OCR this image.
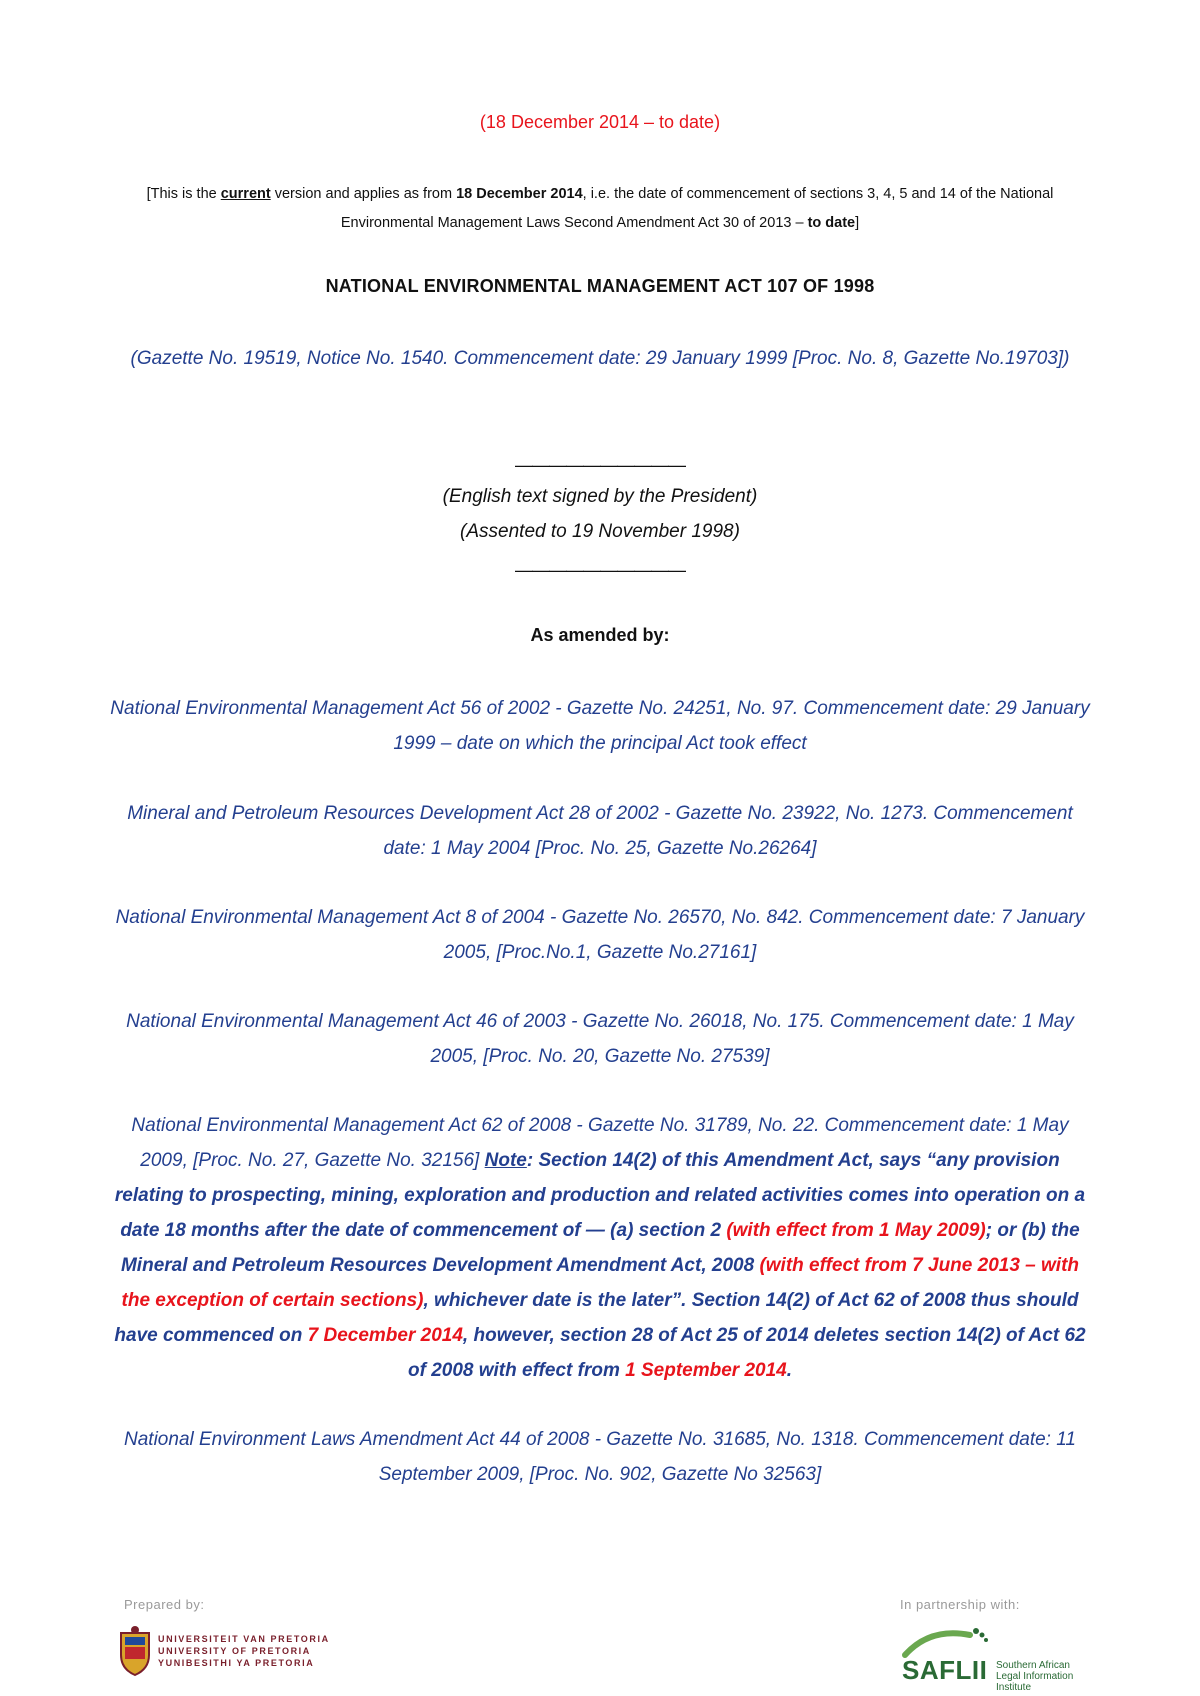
(18 December 2014 – to date)
[This is the current version and applies as from 18 December 2014, i.e. the date of commencement of sections 3, 4, 5 and 14 of the National Environmental Management Laws Second Amendment Act 30 of 2013 – to date]
NATIONAL ENVIRONMENTAL MANAGEMENT ACT 107 OF 1998
(Gazette No. 19519, Notice No. 1540. Commencement date: 29 January 1999 [Proc. No. 8, Gazette No.19703])
——————————
(English text signed by the President)
(Assented to 19 November 1998)
——————————
As amended by:
National Environmental Management Act 56 of 2002 - Gazette No. 24251, No. 97. Commencement date: 29 January 1999 – date on which the principal Act took effect
Mineral and Petroleum Resources Development Act 28 of 2002 - Gazette No. 23922, No. 1273. Commencement date: 1 May 2004 [Proc. No. 25, Gazette No.26264]
National Environmental Management Act 8 of 2004 - Gazette No. 26570, No. 842. Commencement date: 7 January 2005, [Proc.No.1, Gazette No.27161]
National Environmental Management Act 46 of 2003 - Gazette No. 26018, No. 175. Commencement date: 1 May 2005, [Proc. No. 20, Gazette No. 27539]
National Environmental Management Act 62 of 2008 - Gazette No. 31789, No. 22. Commencement date: 1 May 2009, [Proc. No. 27, Gazette No. 32156] Note: Section 14(2) of this Amendment Act, says “any provision relating to prospecting, mining, exploration and production and related activities comes into operation on a date 18 months after the date of commencement of — (a) section 2 (with effect from 1 May 2009); or (b) the Mineral and Petroleum Resources Development Amendment Act, 2008 (with effect from 7 June 2013 – with the exception of certain sections), whichever date is the later”. Section 14(2) of Act 62 of 2008 thus should have commenced on 7 December 2014, however, section 28 of Act 25 of 2014 deletes section 14(2) of Act 62 of 2008 with effect from 1 September 2014.
National Environment Laws Amendment Act 44 of 2008 - Gazette No. 31685, No. 1318. Commencement date: 11 September 2009, [Proc. No. 902, Gazette No 32563]
Prepared by:	In partnership with:
UNIVERSITEIT VAN PRETORIA
UNIVERSITY OF PRETORIA
YUNIBESITHI YA PRETORIA	SAFLII Southern African
Legal Information Institute
